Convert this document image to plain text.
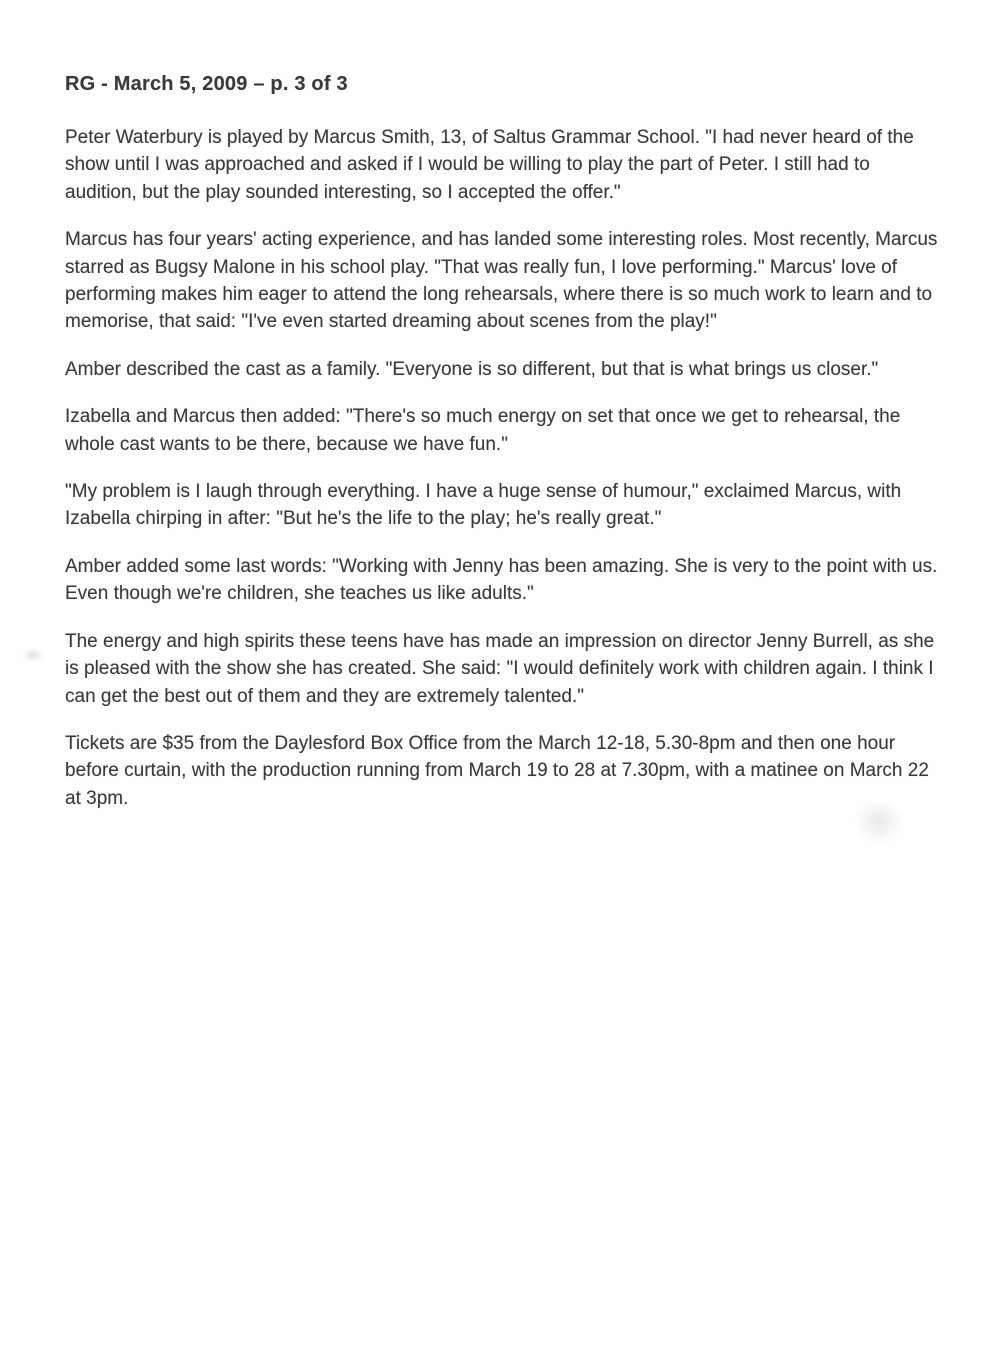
RG - March 5, 2009 – p. 3 of 3

Peter Waterbury is played by Marcus Smith, 13, of Saltus Grammar School. "I had never heard of the show until I was approached and asked if I would be willing to play the part of Peter. I still had to audition, but the play sounded interesting, so I accepted the offer."

Marcus has four years' acting experience, and has landed some interesting roles. Most recently, Marcus starred as Bugsy Malone in his school play. "That was really fun, I love performing." Marcus' love of performing makes him eager to attend the long rehearsals, where there is so much work to learn and to memorise, that said: "I've even started dreaming about scenes from the play!"

Amber described the cast as a family. "Everyone is so different, but that is what brings us closer."

Izabella and Marcus then added: "There's so much energy on set that once we get to rehearsal, the whole cast wants to be there, because we have fun."

"My problem is I laugh through everything. I have a huge sense of humour," exclaimed Marcus, with Izabella chirping in after: "But he's the life to the play; he's really great."

Amber added some last words: "Working with Jenny has been amazing. She is very to the point with us. Even though we're children, she teaches us like adults."

The energy and high spirits these teens have has made an impression on director Jenny Burrell, as she is pleased with the show she has created. She said: "I would definitely work with children again. I think I can get the best out of them and they are extremely talented."

Tickets are $35 from the Daylesford Box Office from the March 12-18, 5.30-8pm and then one hour before curtain, with the production running from March 19 to 28 at 7.30pm, with a matinee on March 22 at 3pm.
